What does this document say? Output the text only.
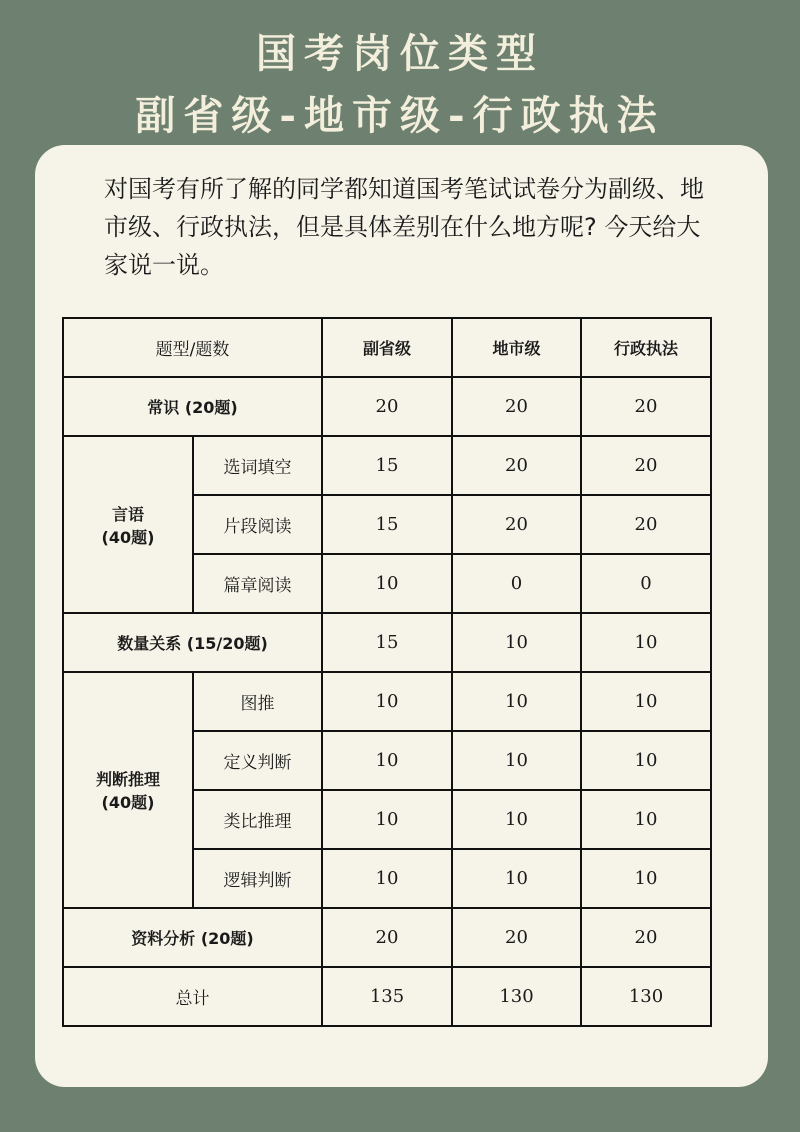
国考岗位类型
副省级-地市级-行政执法
对国考有所了解的同学都知道国考笔试试卷分为副级、地市级、行政执法，但是具体差别在什么地方呢? 今天给大家说一说。
题型/题数		副省级	地市级	行政执法
常识 (20题)		20	20	20
言语
(40题)	选词填空	15	20	20
	片段阅读	15	20	20
	篇章阅读	10	0	0
数量关系 (15/20题)		15	10	10
判断推理
(40题)	图推	10	10	10
	定义判断	10	10	10
	类比推理	10	10	10
	逻辑判断	10	10	10
资料分析 (20题)		20	20	20
总计		135	130	130
